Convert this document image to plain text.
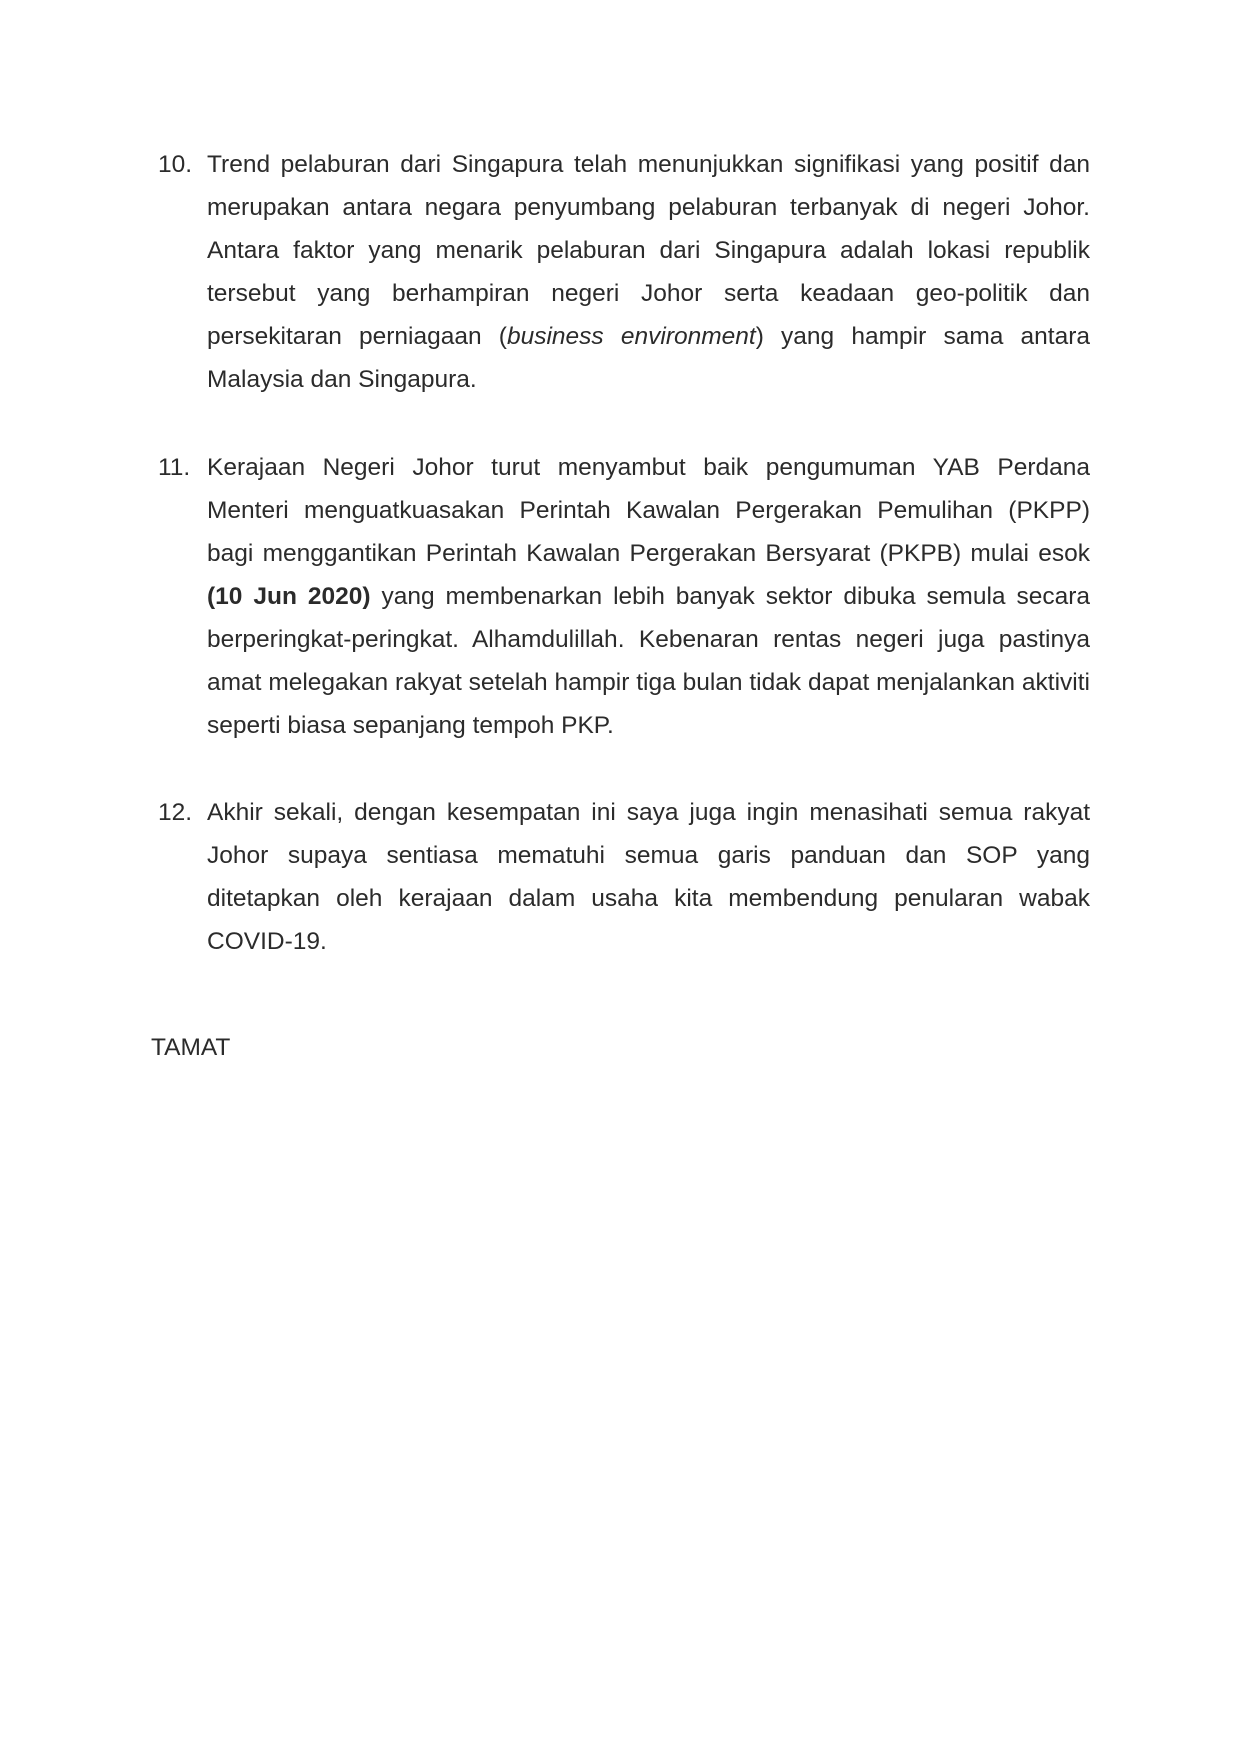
10. Trend pelaburan dari Singapura telah menunjukkan signifikasi yang positif dan merupakan antara negara penyumbang pelaburan terbanyak di negeri Johor. Antara faktor yang menarik pelaburan dari Singapura adalah lokasi republik tersebut yang berhampiran negeri Johor serta keadaan geo-politik dan persekitaran perniagaan (business environment) yang hampir sama antara Malaysia dan Singapura.
11. Kerajaan Negeri Johor turut menyambut baik pengumuman YAB Perdana Menteri menguatkuasakan Perintah Kawalan Pergerakan Pemulihan (PKPP) bagi menggantikan Perintah Kawalan Pergerakan Bersyarat (PKPB) mulai esok (10 Jun 2020) yang membenarkan lebih banyak sektor dibuka semula secara berperingkat-peringkat. Alhamdulillah. Kebenaran rentas negeri juga pastinya amat melegakan rakyat setelah hampir tiga bulan tidak dapat menjalankan aktiviti seperti biasa sepanjang tempoh PKP.
12. Akhir sekali, dengan kesempatan ini saya juga ingin menasihati semua rakyat Johor supaya sentiasa mematuhi semua garis panduan dan SOP yang ditetapkan oleh kerajaan dalam usaha kita membendung penularan wabak COVID-19.
TAMAT
